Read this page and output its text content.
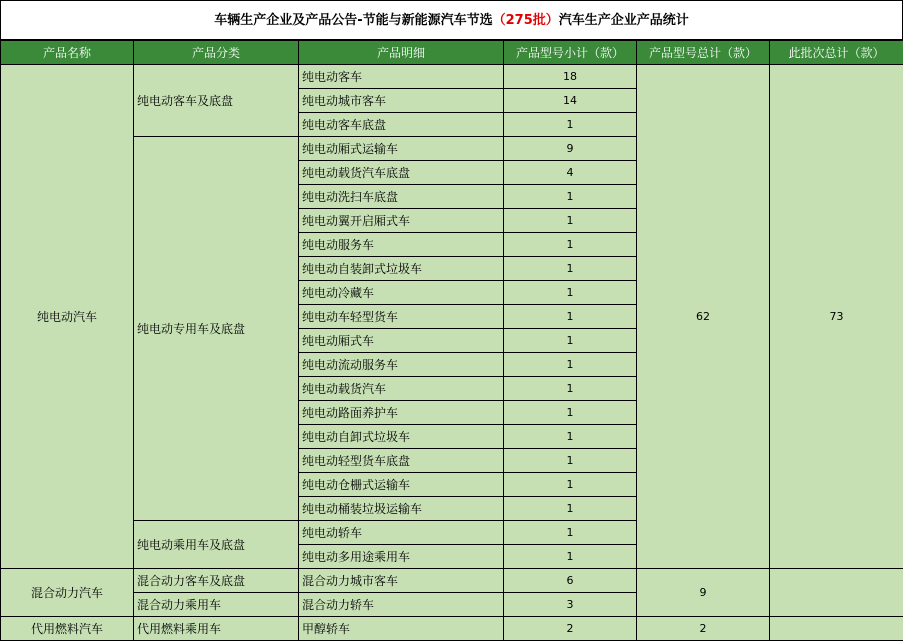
车辆生产企业及产品公告-节能与新能源汽车节选（275批）汽车生产企业产品统计
产品名称	产品分类	产品明细	产品型号小计（款）	产品型号总计（款）	此批次总计（款）
纯电动汽车	纯电动客车及底盘	纯电动客车	18	62	73
		纯电动城市客车	14		
		纯电动客车底盘	1		
	纯电动专用车及底盘	纯电动厢式运输车	9		
		纯电动载货汽车底盘	4		
		纯电动洗扫车底盘	1		
		纯电动翼开启厢式车	1		
		纯电动服务车	1		
		纯电动自装卸式垃圾车	1		
		纯电动冷藏车	1		
		纯电动车轻型货车	1		
		纯电动厢式车	1		
		纯电动流动服务车	1		
		纯电动载货汽车	1		
		纯电动路面养护车	1		
		纯电动自卸式垃圾车	1		
		纯电动轻型货车底盘	1		
		纯电动仓栅式运输车	1		
		纯电动桶装垃圾运输车	1		
	纯电动乘用车及底盘	纯电动轿车	1		
		纯电动多用途乘用车	1		
混合动力汽车	混合动力客车及底盘	混合动力城市客车	6	9	
	混合动力乘用车	混合动力轿车	3		
代用燃料汽车	代用燃料乘用车	甲醇轿车	2	2	
